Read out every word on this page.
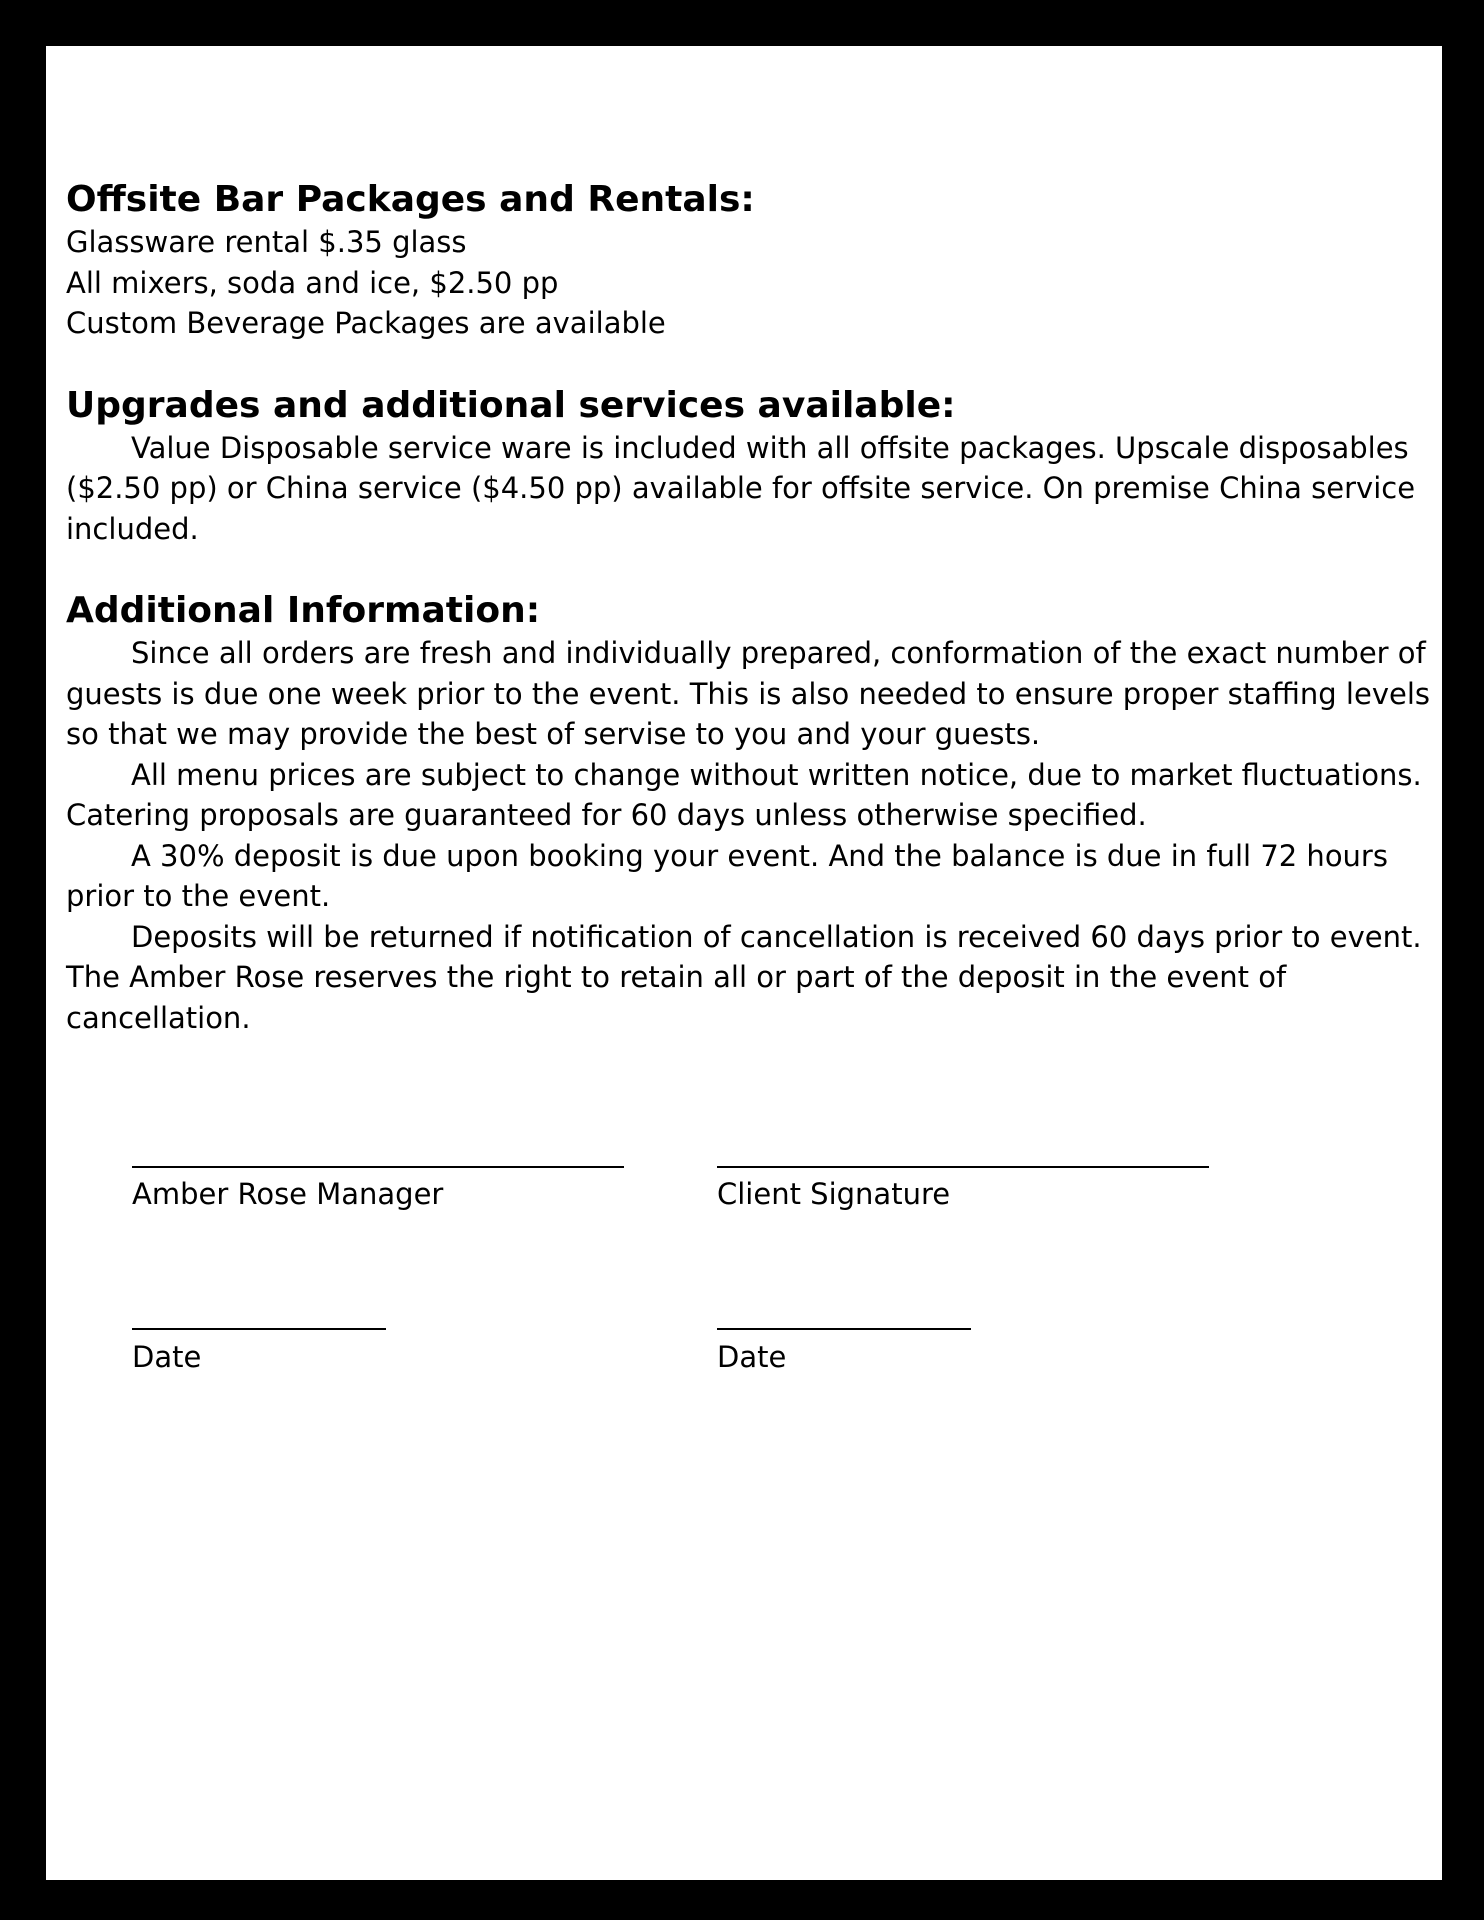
Offsite Bar Packages and Rentals:

Glassware rental $.35 glass

All mixers, soda and ice, $2.50 pp

Custom Beverage Packages are available

Upgrades and additional services available:

Value Disposable service ware is included with all offsite packages. Upscale disposables ($2.50 pp) or China service ($4.50 pp) available for offsite service. On premise China service included.

Additional Information:

Since all orders are fresh and individually prepared, conformation of the exact number of guests is due one week prior to the event. This is also needed to ensure proper staffing levels so that we may provide the best of servise to you and your guests.

All menu prices are subject to change without written notice, due to market fluctuations. Catering proposals are guaranteed for 60 days unless otherwise specified.

A 30% deposit is due upon booking your event. And the balance is due in full 72 hours prior to the event.

Deposits will be returned if notification of cancellation is received 60 days prior to event. The Amber Rose reserves the right to retain all or part of the deposit in the event of cancellation.

Amber Rose Manager	Client Signature
Date	Date
